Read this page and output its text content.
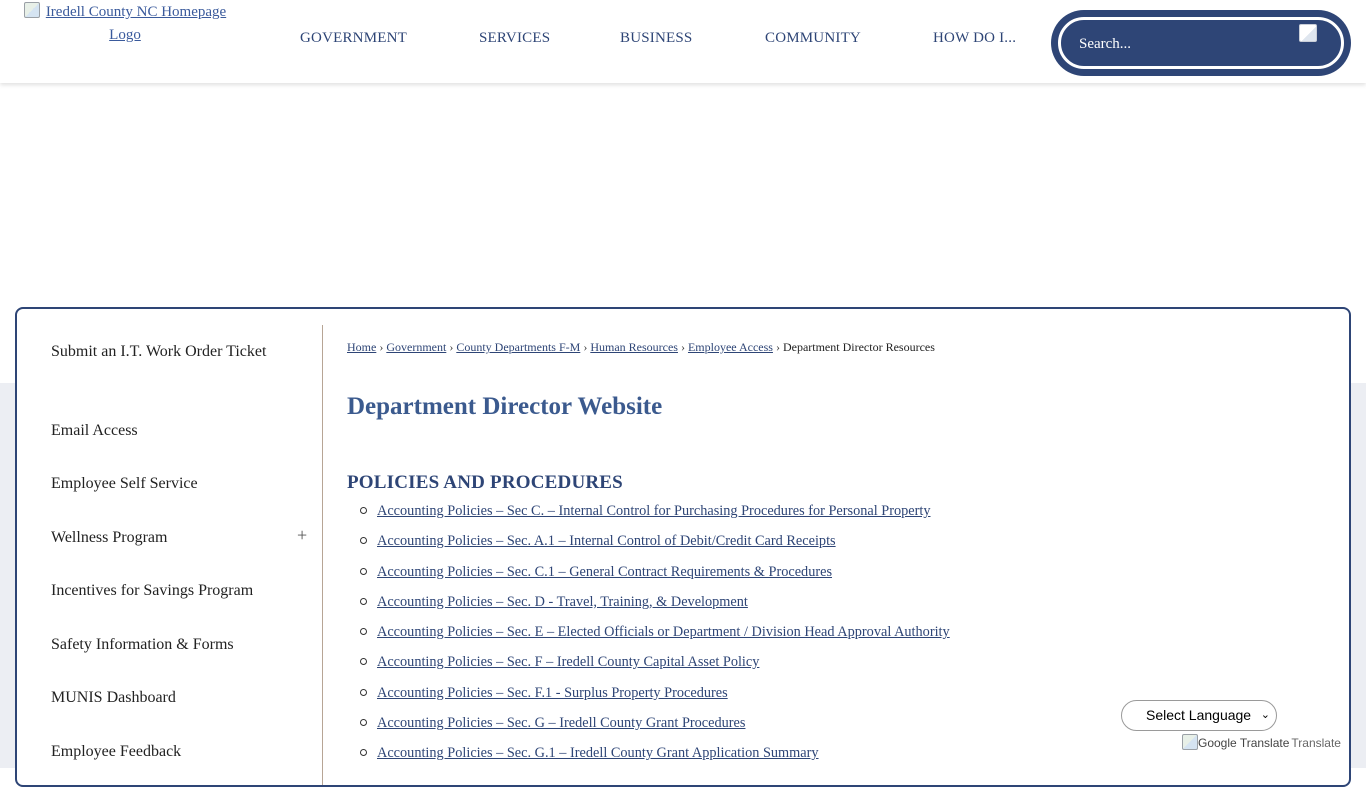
Iredell County NC Homepage Logo	GOVERNMENT	SERVICES	BUSINESS	COMMUNITY	HOW DO I...
Search...
Submit an I.T. Work Order Ticket
Email Access
Employee Self Service
Wellness Program	+
Incentives for Savings Program
Safety Information & Forms
MUNIS Dashboard
Employee Feedback
Home › Government › County Departments F-M › Human Resources › Employee Access › Department Director Resources
Department Director Website
POLICIES AND PROCEDURES
Accounting Policies – Sec C. – Internal Control for Purchasing Procedures for Personal Property
Accounting Policies – Sec. A.1 – Internal Control of Debit/Credit Card Receipts
Accounting Policies – Sec. C.1 – General Contract Requirements & Procedures
Accounting Policies – Sec. D - Travel, Training, & Development
Accounting Policies – Sec. E – Elected Officials or Department / Division Head Approval Authority
Accounting Policies – Sec. F – Iredell County Capital Asset Policy
Accounting Policies – Sec. F.1 - Surplus Property Procedures
Accounting Policies – Sec. G – Iredell County Grant Procedures
Accounting Policies – Sec. G.1 – Iredell County Grant Application Summary
Select Language ⌄
Google Translate Translate
